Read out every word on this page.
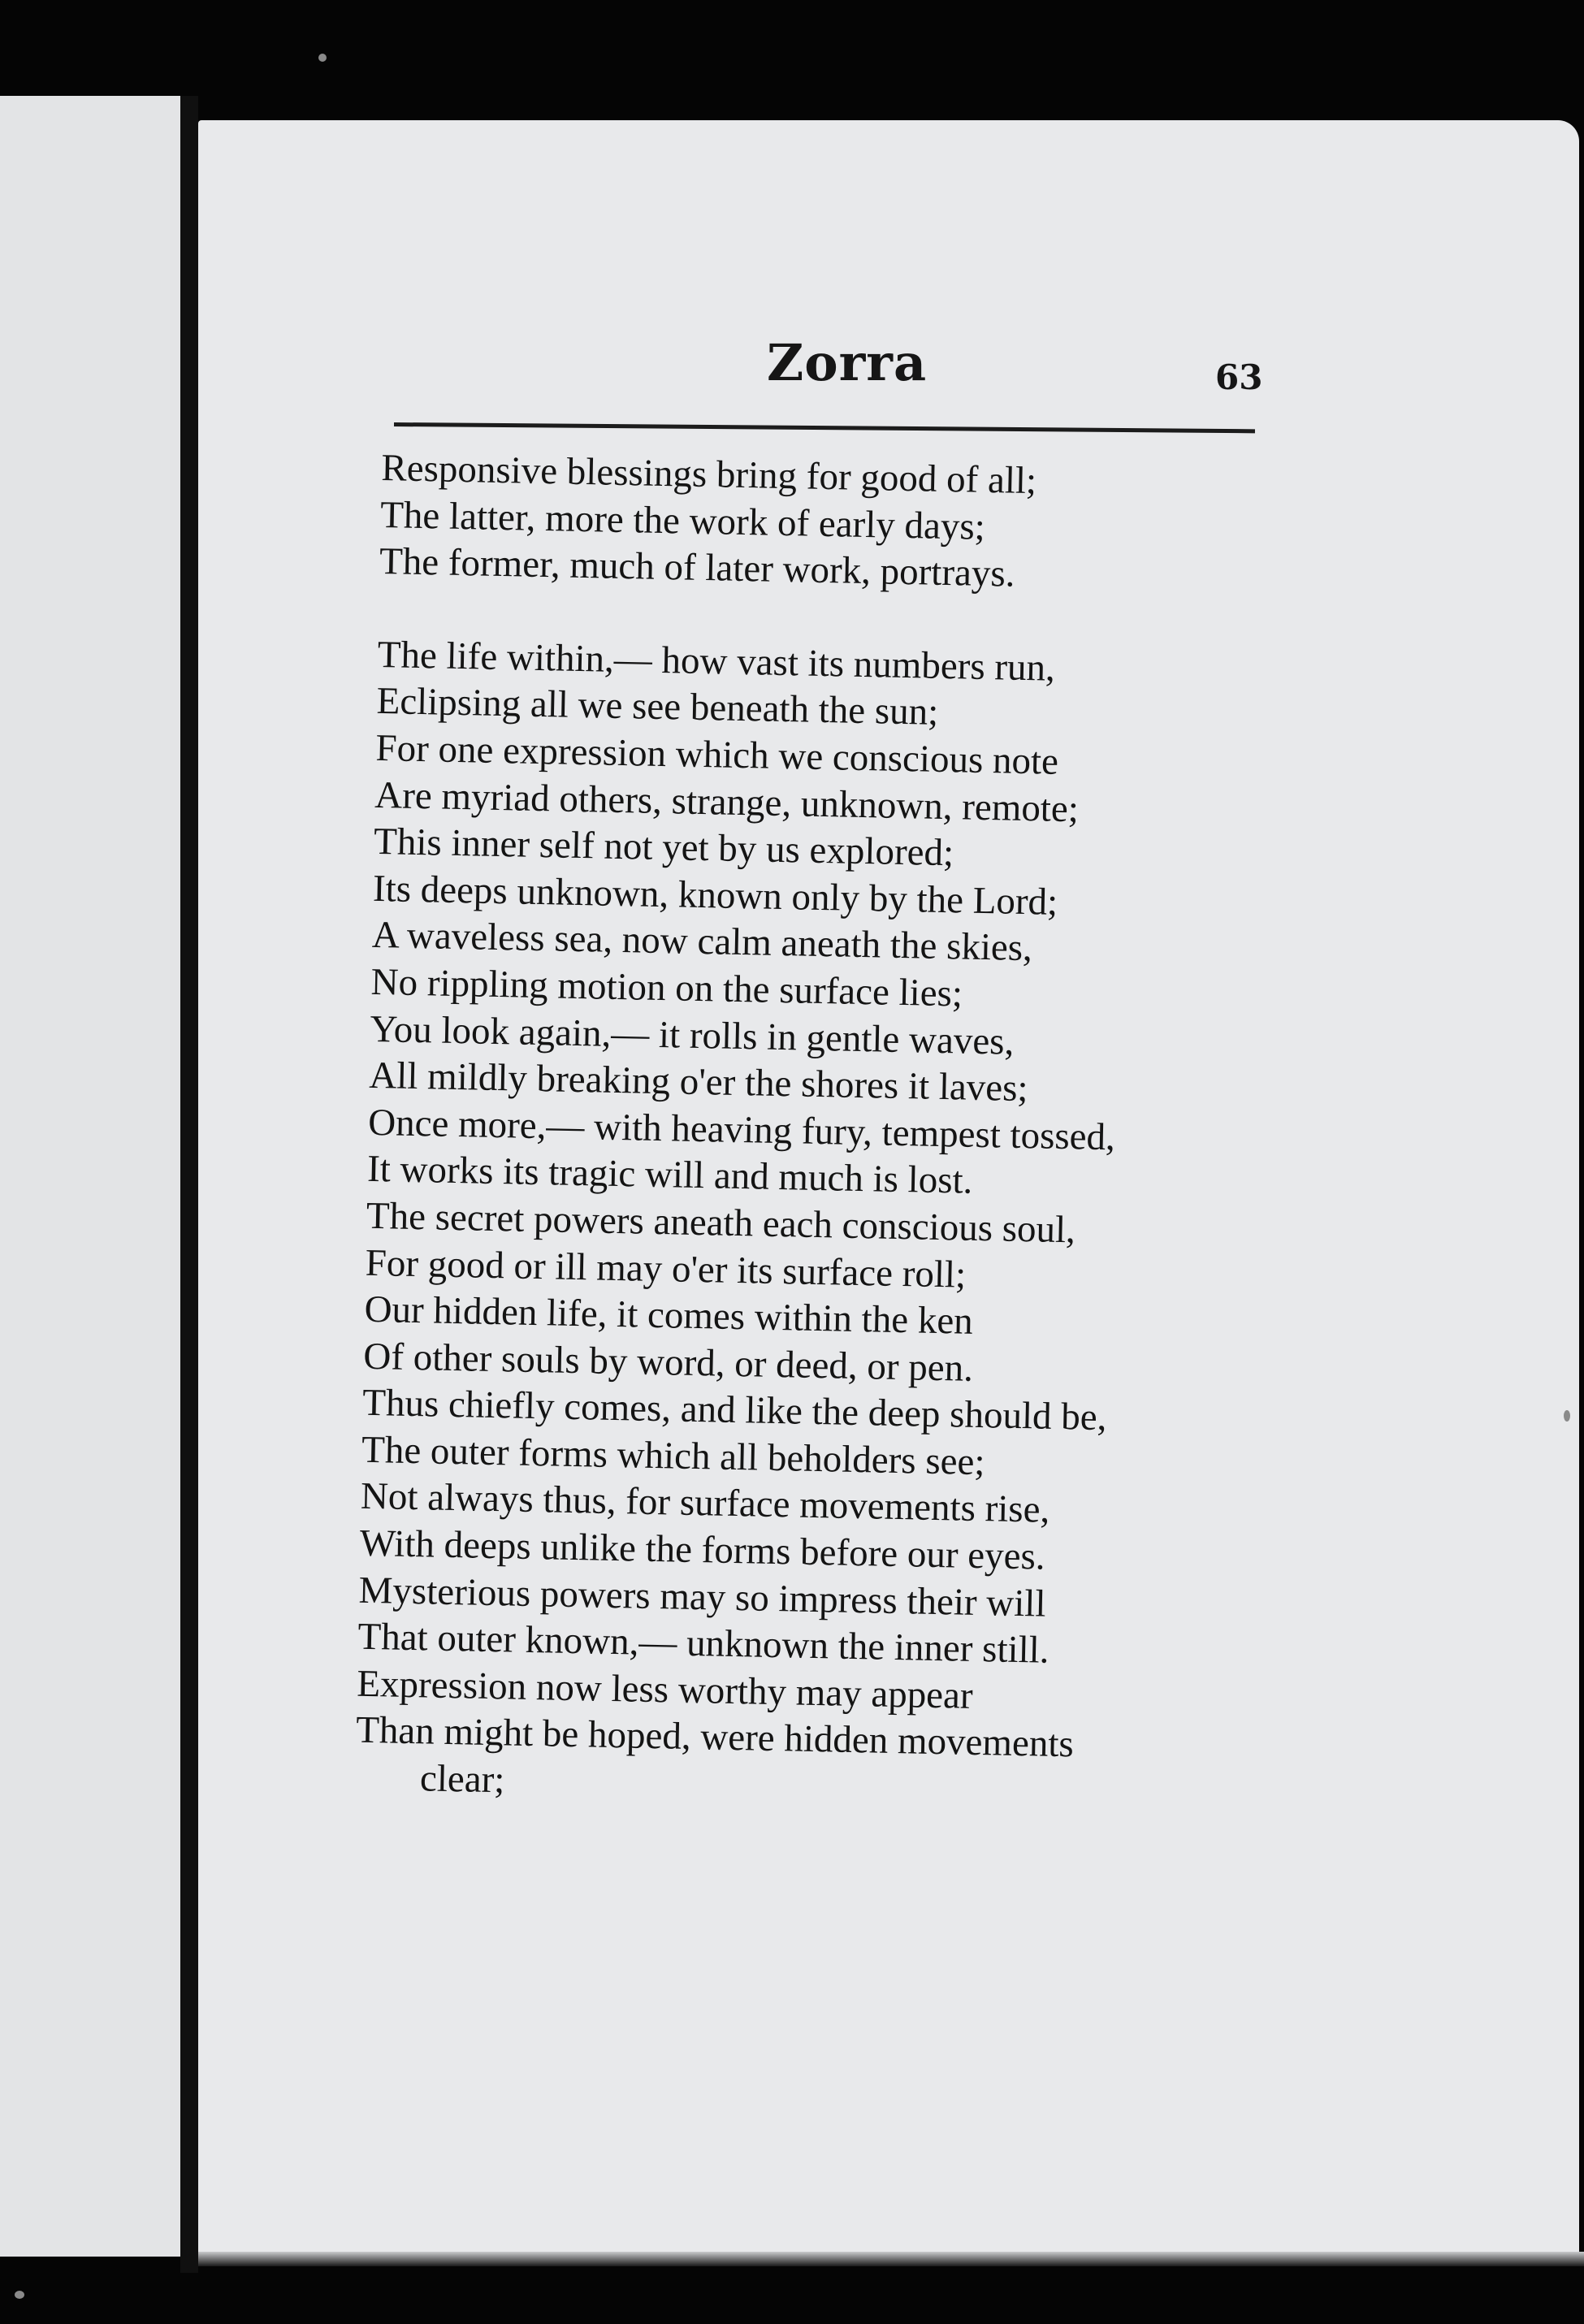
Zorra	63
Responsive blessings bring for good of all;
The latter, more the work of early days;
The former, much of later work, portrays.
The life within,— how vast its numbers run,
Eclipsing all we see beneath the sun;
For one expression which we conscious note
Are myriad others, strange, unknown, remote;
This inner self not yet by us explored;
Its deeps unknown, known only by the Lord;
A waveless sea, now calm aneath the skies,
No rippling motion on the surface lies;
You look again,— it rolls in gentle waves,
All mildly breaking o'er the shores it laves;
Once more,— with heaving fury, tempest tossed,
It works its tragic will and much is lost.
The secret powers aneath each conscious soul,
For good or ill may o'er its surface roll;
Our hidden life, it comes within the ken
Of other souls by word, or deed, or pen.
Thus chiefly comes, and like the deep should be,
The outer forms which all beholders see;
Not always thus, for surface movements rise,
With deeps unlike the forms before our eyes.
Mysterious powers may so impress their will
That outer known,— unknown the inner still.
Expression now less worthy may appear
Than might be hoped, were hidden movements
clear;
